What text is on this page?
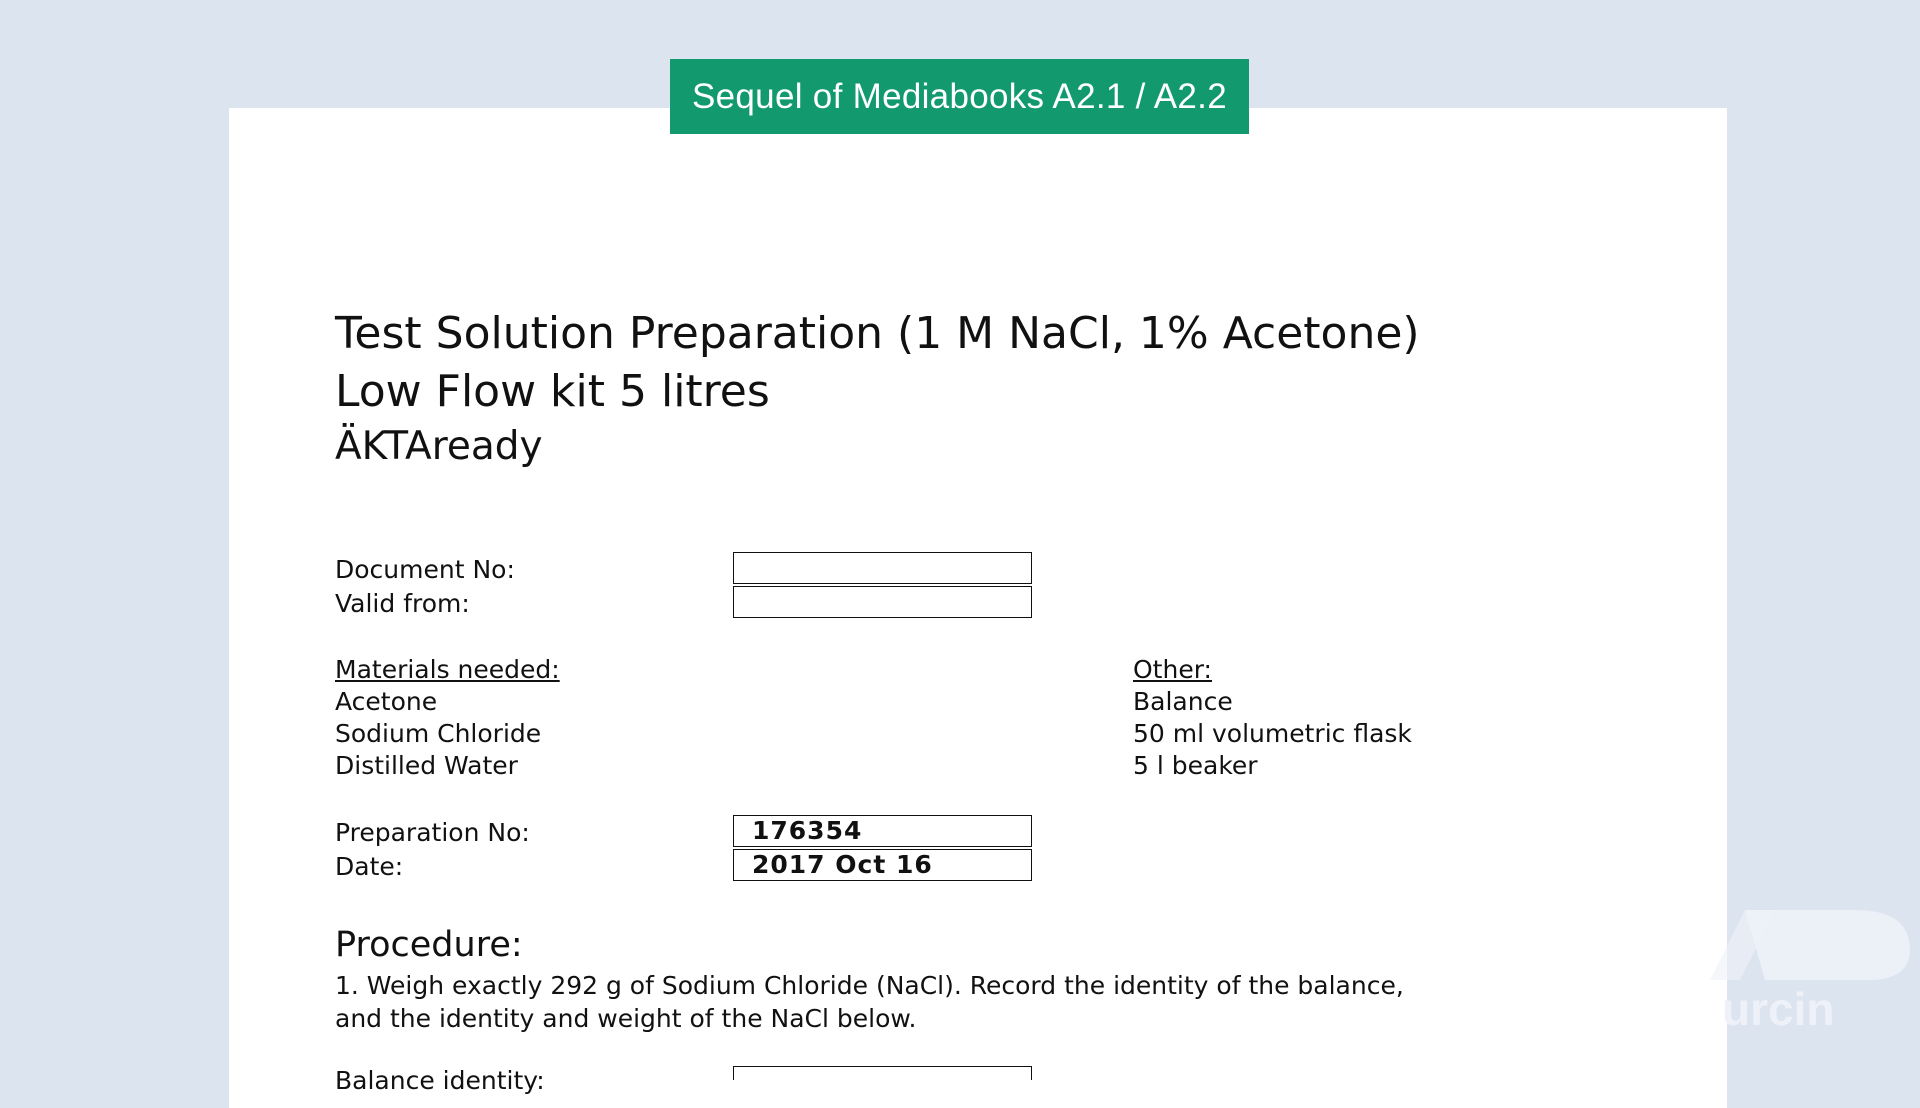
Sequel of Mediabooks A2.1 / A2.2
Test Solution Preparation (1 M NaCl, 1% Acetone)
Low Flow kit 5 litres
ÄKTAready
Document No:
Valid from:
Materials needed:
Acetone
Sodium Chloride
Distilled Water
Other:
Balance
50 ml volumetric flask
5 l beaker
Preparation No:
Date:
176354
2017 Oct 16
Procedure:
1. Weigh exactly 292 g of Sodium Chloride (NaCl). Record the identity of the balance, and the identity and weight of the NaCl below.
Balance identity:
urcin
